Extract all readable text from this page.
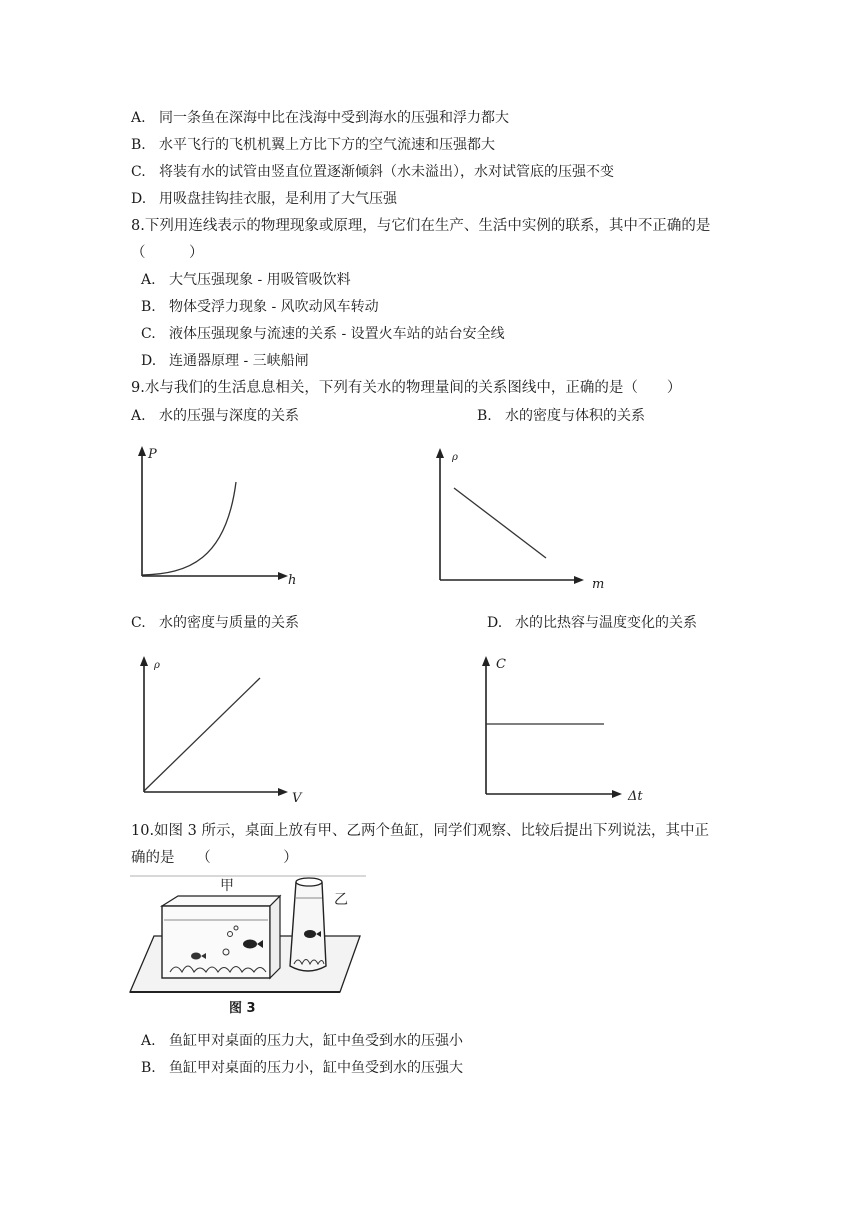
A. 同一条鱼在深海中比在浅海中受到海水的压强和浮力都大
B. 水平飞行的飞机机翼上方比下方的空气流速和压强都大
C. 将装有水的试管由竖直位置逐渐倾斜（水未溢出），水对试管底的压强不变
D. 用吸盘挂钩挂衣服，是利用了大气压强
8.下列用连线表示的物理现象或原理，与它们在生产、生活中实例的联系，其中不正确的是
（　　　）
A. 大气压强现象 - 用吸管吸饮料
B. 物体受浮力现象 - 风吹动风车转动
C. 液体压强现象与流速的关系 - 设置火车站的站台安全线
D. 连通器原理 - 三峡船闸
9.水与我们的生活息息相关，下列有关水的物理量间的关系图线中，正确的是（　　）
A. 水的压强与深度的关系	B. 水的密度与体积的关系
P
h
ρ
m
C. 水的密度与质量的关系	D. 水的比热容与温度变化的关系
ρ
V
C
Δt
10.如图 3 所示，桌面上放有甲、乙两个鱼缸，同学们观察、比较后提出下列说法，其中正
确的是　　（　　　　　）
甲
乙
图 3
A. 鱼缸甲对桌面的压力大，缸中鱼受到水的压强小
B. 鱼缸甲对桌面的压力小，缸中鱼受到水的压强大
